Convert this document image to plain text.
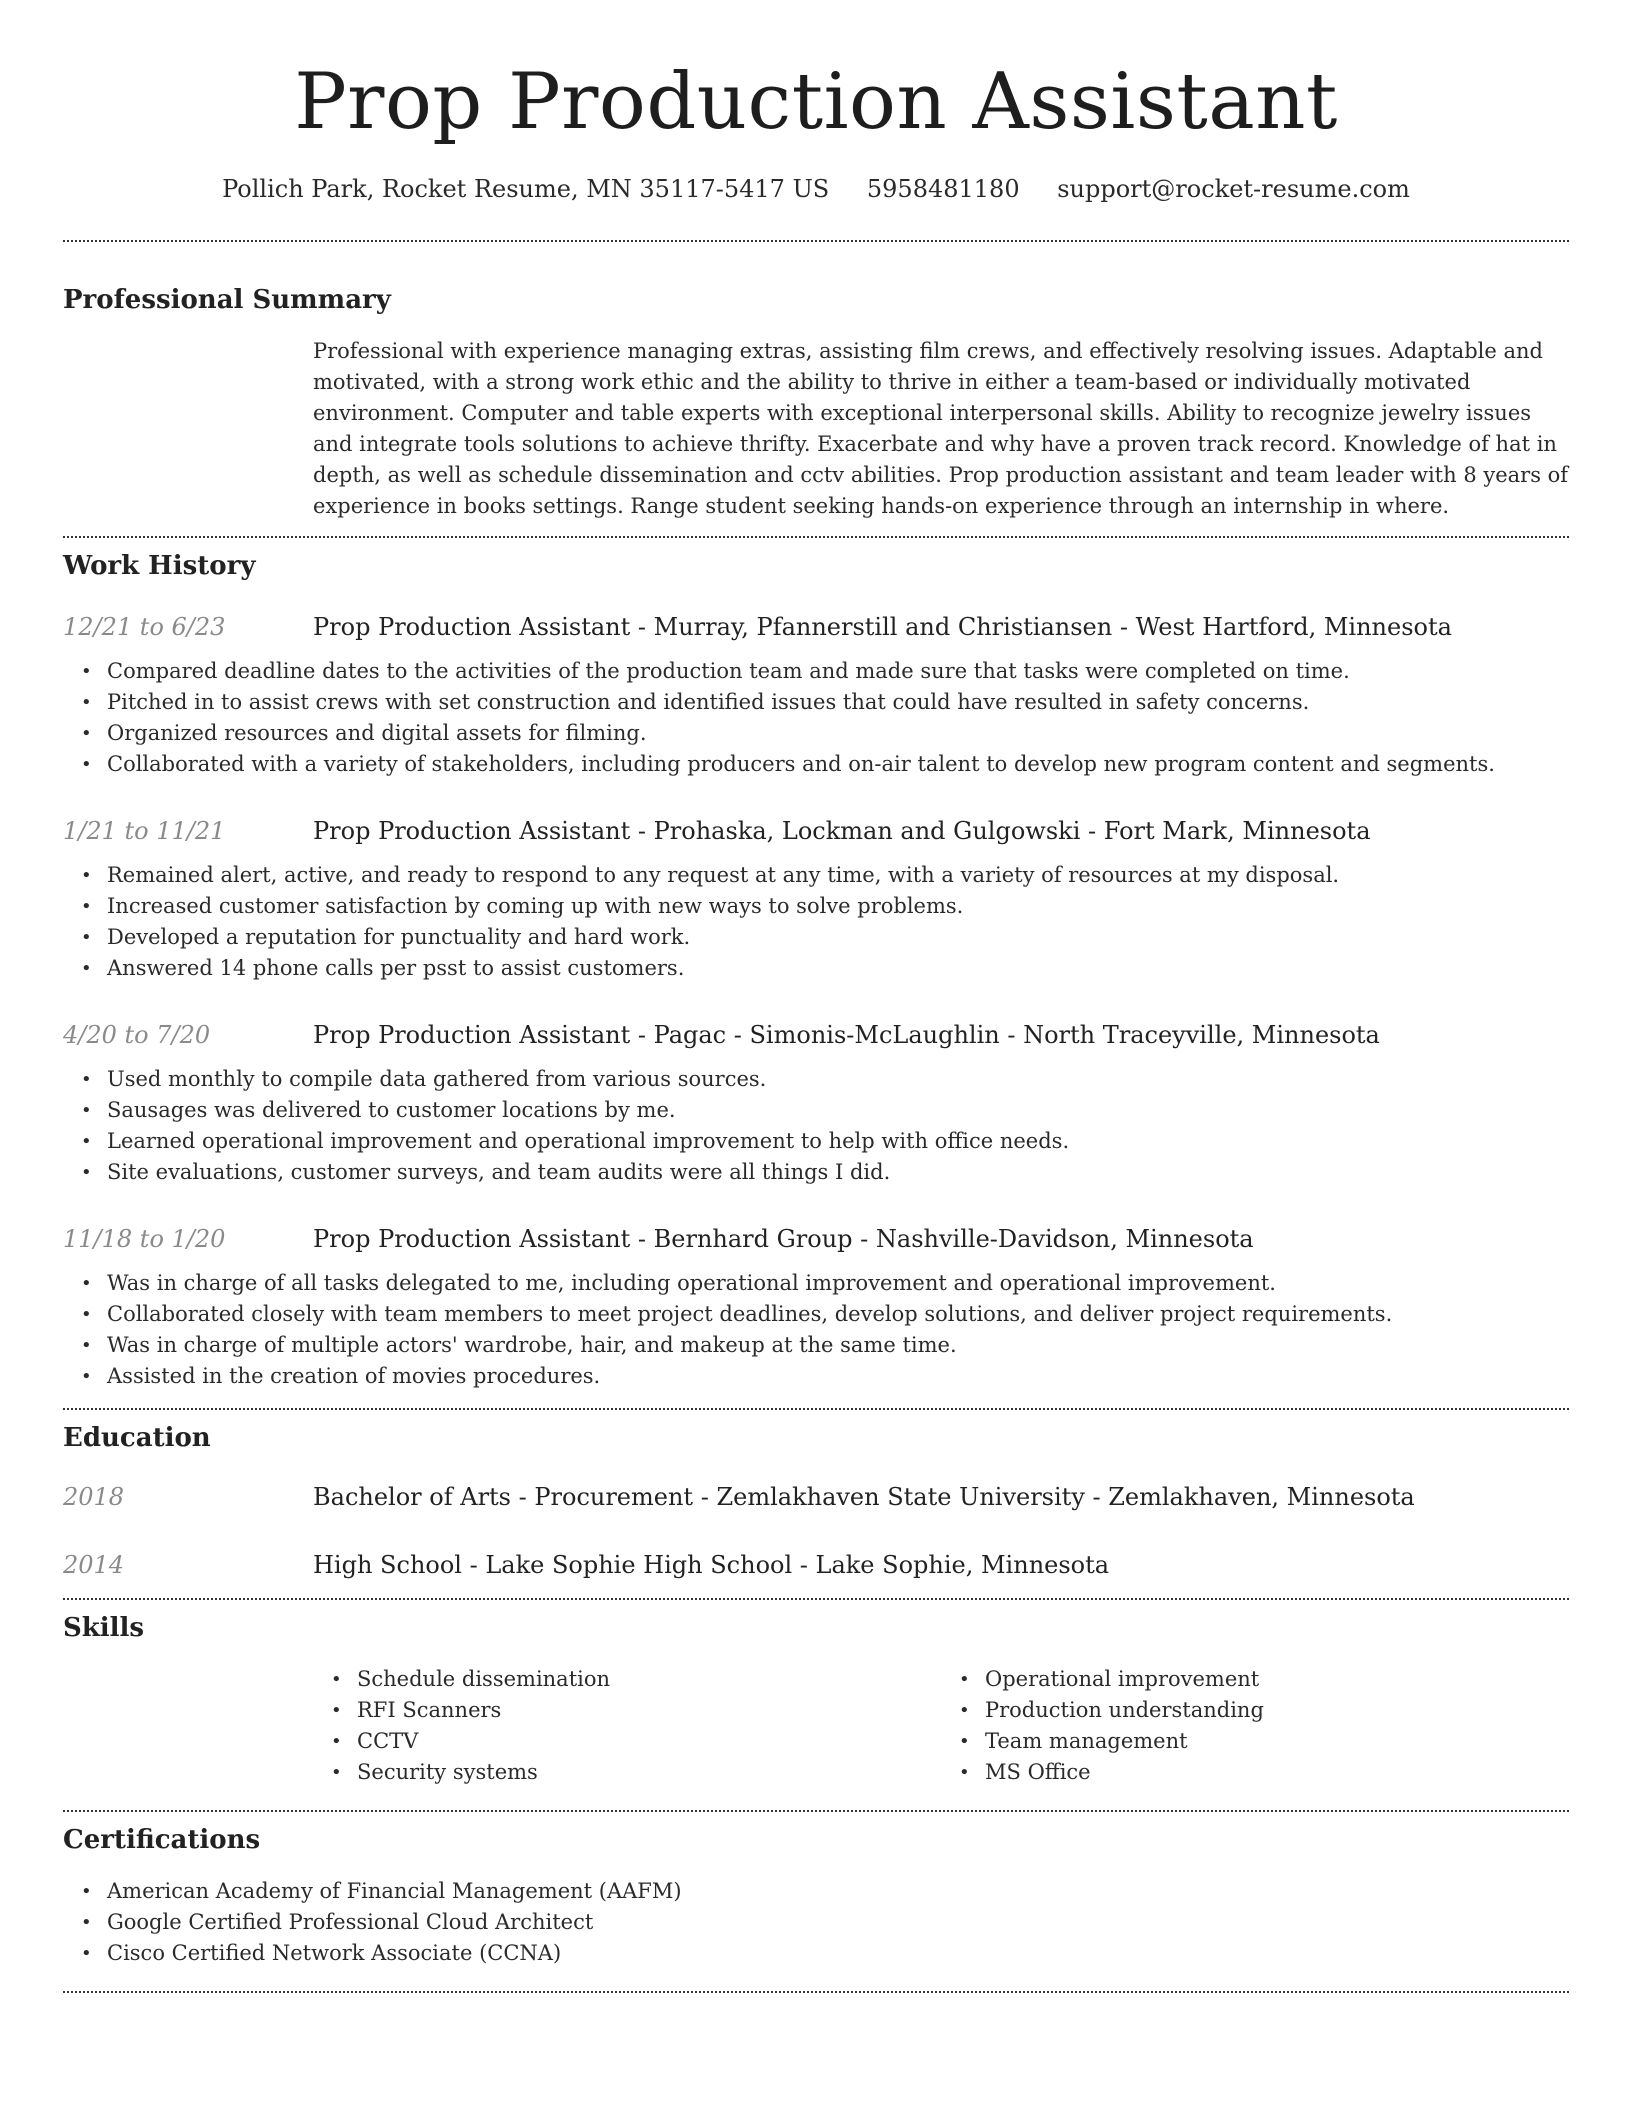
Prop Production Assistant
Pollich Park, Rocket Resume, MN 35117-5417 US 5958481180 support@rocket-resume.com
Professional Summary

Professional with experience managing extras, assisting film crews, and effectively resolving issues. Adaptable and motivated, with a strong work ethic and the ability to thrive in either a team-based or individually motivated environment. Computer and table experts with exceptional interpersonal skills. Ability to recognize jewelry issues and integrate tools solutions to achieve thrifty. Exacerbate and why have a proven track record. Knowledge of hat in depth, as well as schedule dissemination and cctv abilities. Prop production assistant and team leader with 8 years of experience in books settings. Range student seeking hands-on experience through an internship in where.

Work History
12/21 to 6/23	Prop Production Assistant - Murray, Pfannerstill and Christiansen - West Hartford, Minnesota
• Compared deadline dates to the activities of the production team and made sure that tasks were completed on time.
• Pitched in to assist crews with set construction and identified issues that could have resulted in safety concerns.
• Organized resources and digital assets for filming.
• Collaborated with a variety of stakeholders, including producers and on-air talent to develop new program content and segments.
1/21 to 11/21	Prop Production Assistant - Prohaska, Lockman and Gulgowski - Fort Mark, Minnesota
• Remained alert, active, and ready to respond to any request at any time, with a variety of resources at my disposal.
• Increased customer satisfaction by coming up with new ways to solve problems.
• Developed a reputation for punctuality and hard work.
• Answered 14 phone calls per psst to assist customers.
4/20 to 7/20	Prop Production Assistant - Pagac - Simonis-McLaughlin - North Traceyville, Minnesota
• Used monthly to compile data gathered from various sources.
• Sausages was delivered to customer locations by me.
• Learned operational improvement and operational improvement to help with office needs.
• Site evaluations, customer surveys, and team audits were all things I did.
11/18 to 1/20	Prop Production Assistant - Bernhard Group - Nashville-Davidson, Minnesota
• Was in charge of all tasks delegated to me, including operational improvement and operational improvement.
• Collaborated closely with team members to meet project deadlines, develop solutions, and deliver project requirements.
• Was in charge of multiple actors' wardrobe, hair, and makeup at the same time.
• Assisted in the creation of movies procedures.
Education
2018	Bachelor of Arts - Procurement - Zemlakhaven State University - Zemlakhaven, Minnesota
2014	High School - Lake Sophie High School - Lake Sophie, Minnesota
Skills
• Schedule dissemination
• RFI Scanners
• CCTV
• Security systems
• Operational improvement
• Production understanding
• Team management
• MS Office
Certifications
• American Academy of Financial Management (AAFM)
• Google Certified Professional Cloud Architect
• Cisco Certified Network Associate (CCNA)
